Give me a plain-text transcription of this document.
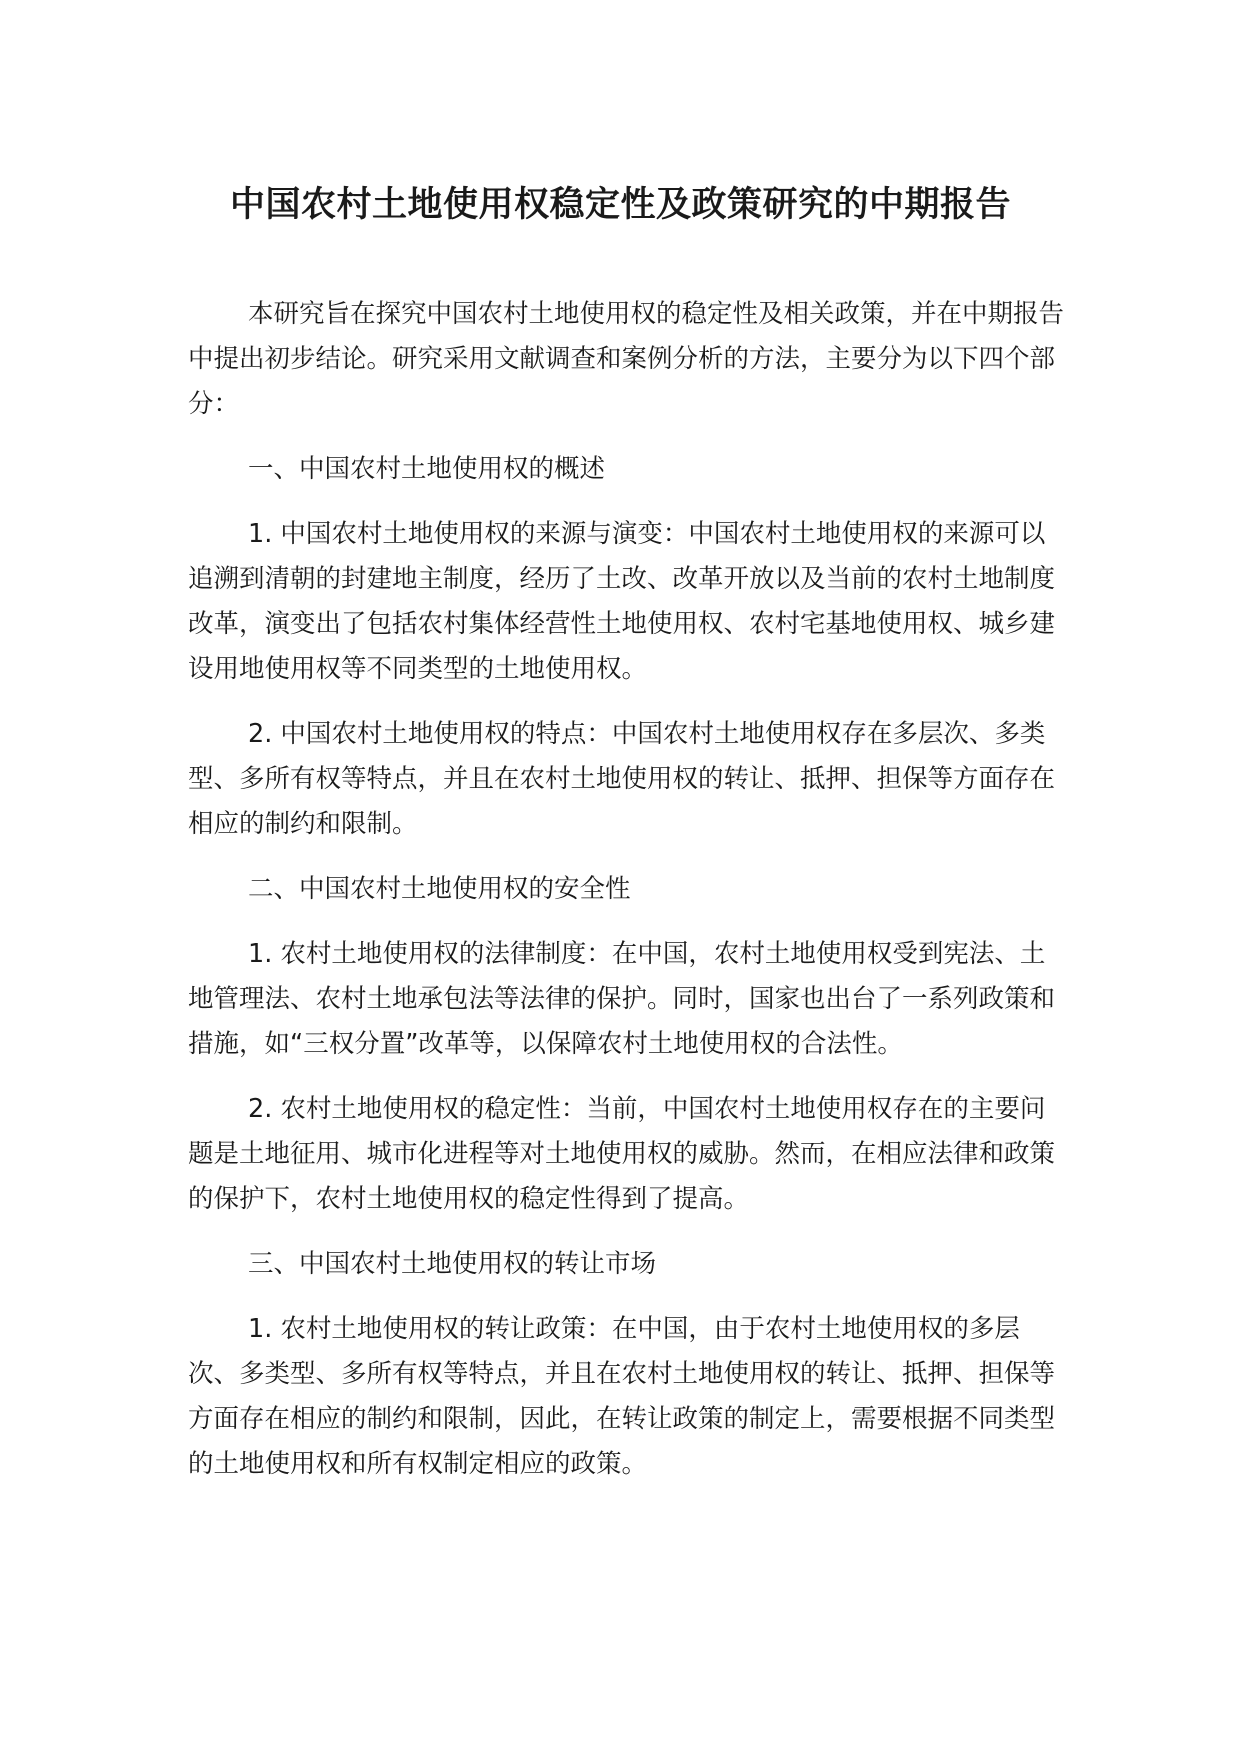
中国农村土地使用权稳定性及政策研究的中期报告

本研究旨在探究中国农村土地使用权的稳定性及相关政策，并在中期报告中提出初步结论。研究采用文献调查和案例分析的方法，主要分为以下四个部分：

一、中国农村土地使用权的概述

1. 中国农村土地使用权的来源与演变：中国农村土地使用权的来源可以追溯到清朝的封建地主制度，经历了土改、改革开放以及当前的农村土地制度改革，演变出了包括农村集体经营性土地使用权、农村宅基地使用权、城乡建设用地使用权等不同类型的土地使用权。

2. 中国农村土地使用权的特点：中国农村土地使用权存在多层次、多类型、多所有权等特点，并且在农村土地使用权的转让、抵押、担保等方面存在相应的制约和限制。

二、中国农村土地使用权的安全性

1. 农村土地使用权的法律制度：在中国，农村土地使用权受到宪法、土地管理法、农村土地承包法等法律的保护。同时，国家也出台了一系列政策和措施，如“三权分置”改革等，以保障农村土地使用权的合法性。

2. 农村土地使用权的稳定性：当前，中国农村土地使用权存在的主要问题是土地征用、城市化进程等对土地使用权的威胁。然而，在相应法律和政策的保护下，农村土地使用权的稳定性得到了提高。

三、中国农村土地使用权的转让市场

1. 农村土地使用权的转让政策：在中国，由于农村土地使用权的多层次、多类型、多所有权等特点，并且在农村土地使用权的转让、抵押、担保等方面存在相应的制约和限制，因此，在转让政策的制定上，需要根据不同类型的土地使用权和所有权制定相应的政策。
